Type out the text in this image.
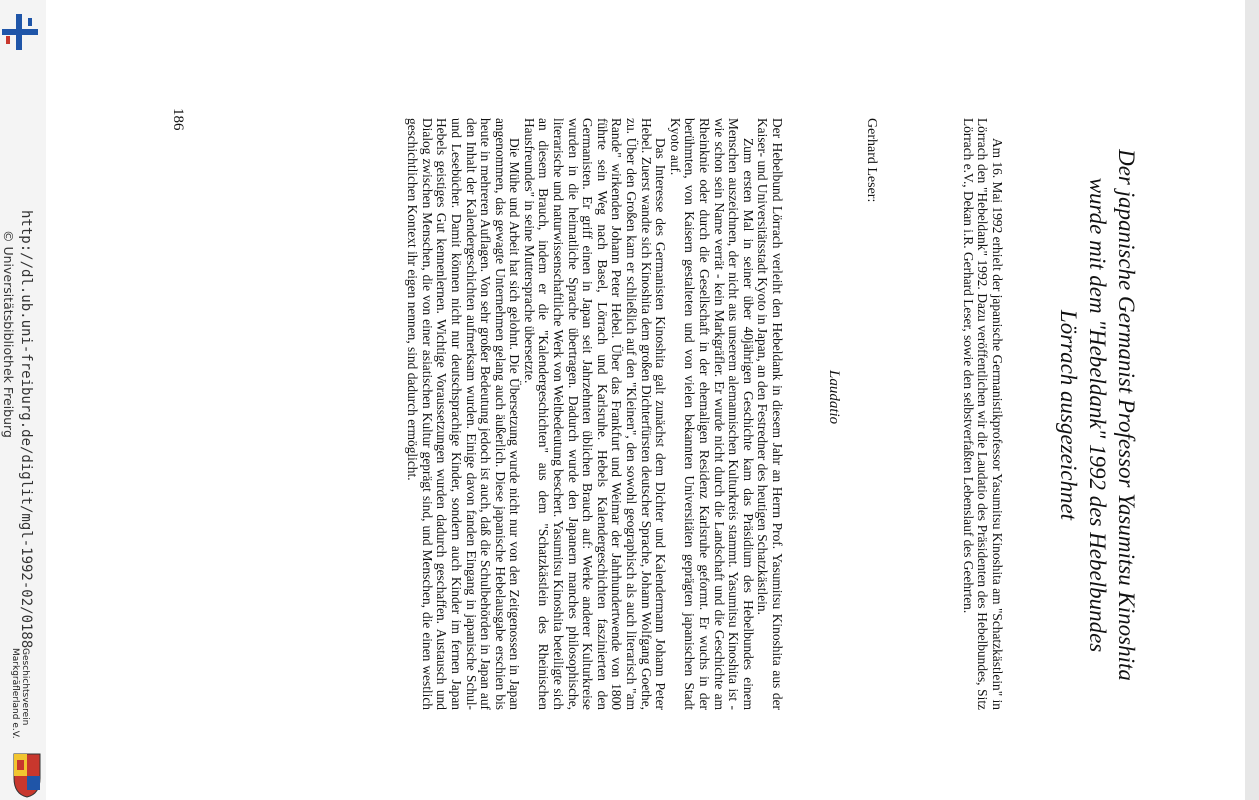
Der japanische Germanist Professor Yasumitsu Kinoshita
wurde mit dem "Hebeldank" 1992 des Hebelbundes
Lörrach ausgezeichnet

Am 16. Mai 1992 erhielt der japanische Germanistikprofessor Yasumitsu Kinoshita am "Schatzkästlein" in Lörrach den "Hebeldank" 1992. Dazu veröffentlichen wir die Laudatio des Präsidenten des Hebelbundes, Sitz Lörrach e.V., Dekan i.R. Gerhard Leser, sowie den selbstverfaßten Lebenslauf des Geehrten.

Laudatio
Gerhard Leser:

Der Hebelbund Lörrach verleiht den Hebeldank in diesem Jahr an Herrn Prof. Yasumitsu Kinoshita aus der Kaiser- und Universitätsstadt Kyoto in Japan, an den Festredner des heutigen Schatzkästlein.

Zum ersten Mal in seiner über 40jährigen Geschichte kam das Präsidium des Hebelbundes einem Menschen auszeichnen, der nicht aus unserem alemannischen Kulturkreis stammt. Yasumitsu Kinoshita ist - wie schon sein Name verrät - kein Markgräfler. Er wurde nicht durch die Landschaft und die Geschichte am Rheinknie oder durch die Gesellschaft in der ehemaligen Residenz Karlsruhe geformt. Er wuchs in der berühmten, von Kaisern gestalteten und von vielen bekannten Universitäten geprägten japanischen Stadt Kyoto auf.

Das Interesse des Germanisten Kinoshita galt zunächst dem Dichter und Kalendermann Johann Peter Hebel. Zuerst wandte sich Kinoshita dem großen Dichterfürsten deutscher Sprache, Johann Wolfgang Goethe, zu. Über den Großen kam er schließlich auf den "Kleinen", den sowohl geographisch als auch literarisch "am Rande" wirkenden Johann Peter Hebel. Über das Frankfurt und Weimar der Jahrhundertwende von 1800 führte sein Weg nach Basel, Lörrach und Karlsruhe. Hebels Kalendergeschichten faszinierten den Germanisten. Er griff einen in Japan seit Jahrzehnten üblichen Brauch auf: Werke anderer Kulturkreise wurden in die heimatliche Sprache übertragen. Dadurch wurde den Japanern manches philosophische, literarische und naturwissenschaftliche Werk von Weltbedeutung beschert. Yasumitsu Kinoshita beteiligte sich an diesem Brauch, indem er die "Kalendergeschichten" aus dem "Schatzkästlein des Rheinischen Hausfreundes" in seine Muttersprache übersetzte.

Die Mühe und Arbeit hat sich gelohnt. Die Übersetzung wurde nicht nur von den Zeitgenossen in Japan angenommen, das gewagte Unternehmen gelang auch äußerlich. Diese japanische Hebelausgabe erschien bis heute in mehreren Auflagen. Von sehr großer Bedeutung jedoch ist auch, daß die Schulbehörden in Japan auf den Inhalt der Kalendergeschichten aufmerksam wurden. Einige davon fanden Eingang in japanische Schul- und Lesebücher. Damit können nicht nur deutschsprachige Kinder, sondern auch Kinder im fernen Japan Hebels geistiges Gut kennenlernen. Wichtige Voraussetzungen wurden dadurch geschaffen. Austausch und Dialog zwischen Menschen, die von einer asiatischen Kultur geprägt sind, und Menschen, die einen westlich geschichtlichen Kontext ihr eigen nennen, sind dadurch ermöglicht.

186
http://dl.ub.uni-freiburg.de/diglit/mgl-1992-02/0188
© Universitätsbibliothek Freiburg
Geschichtsverein
Markgräflerland e.V.
